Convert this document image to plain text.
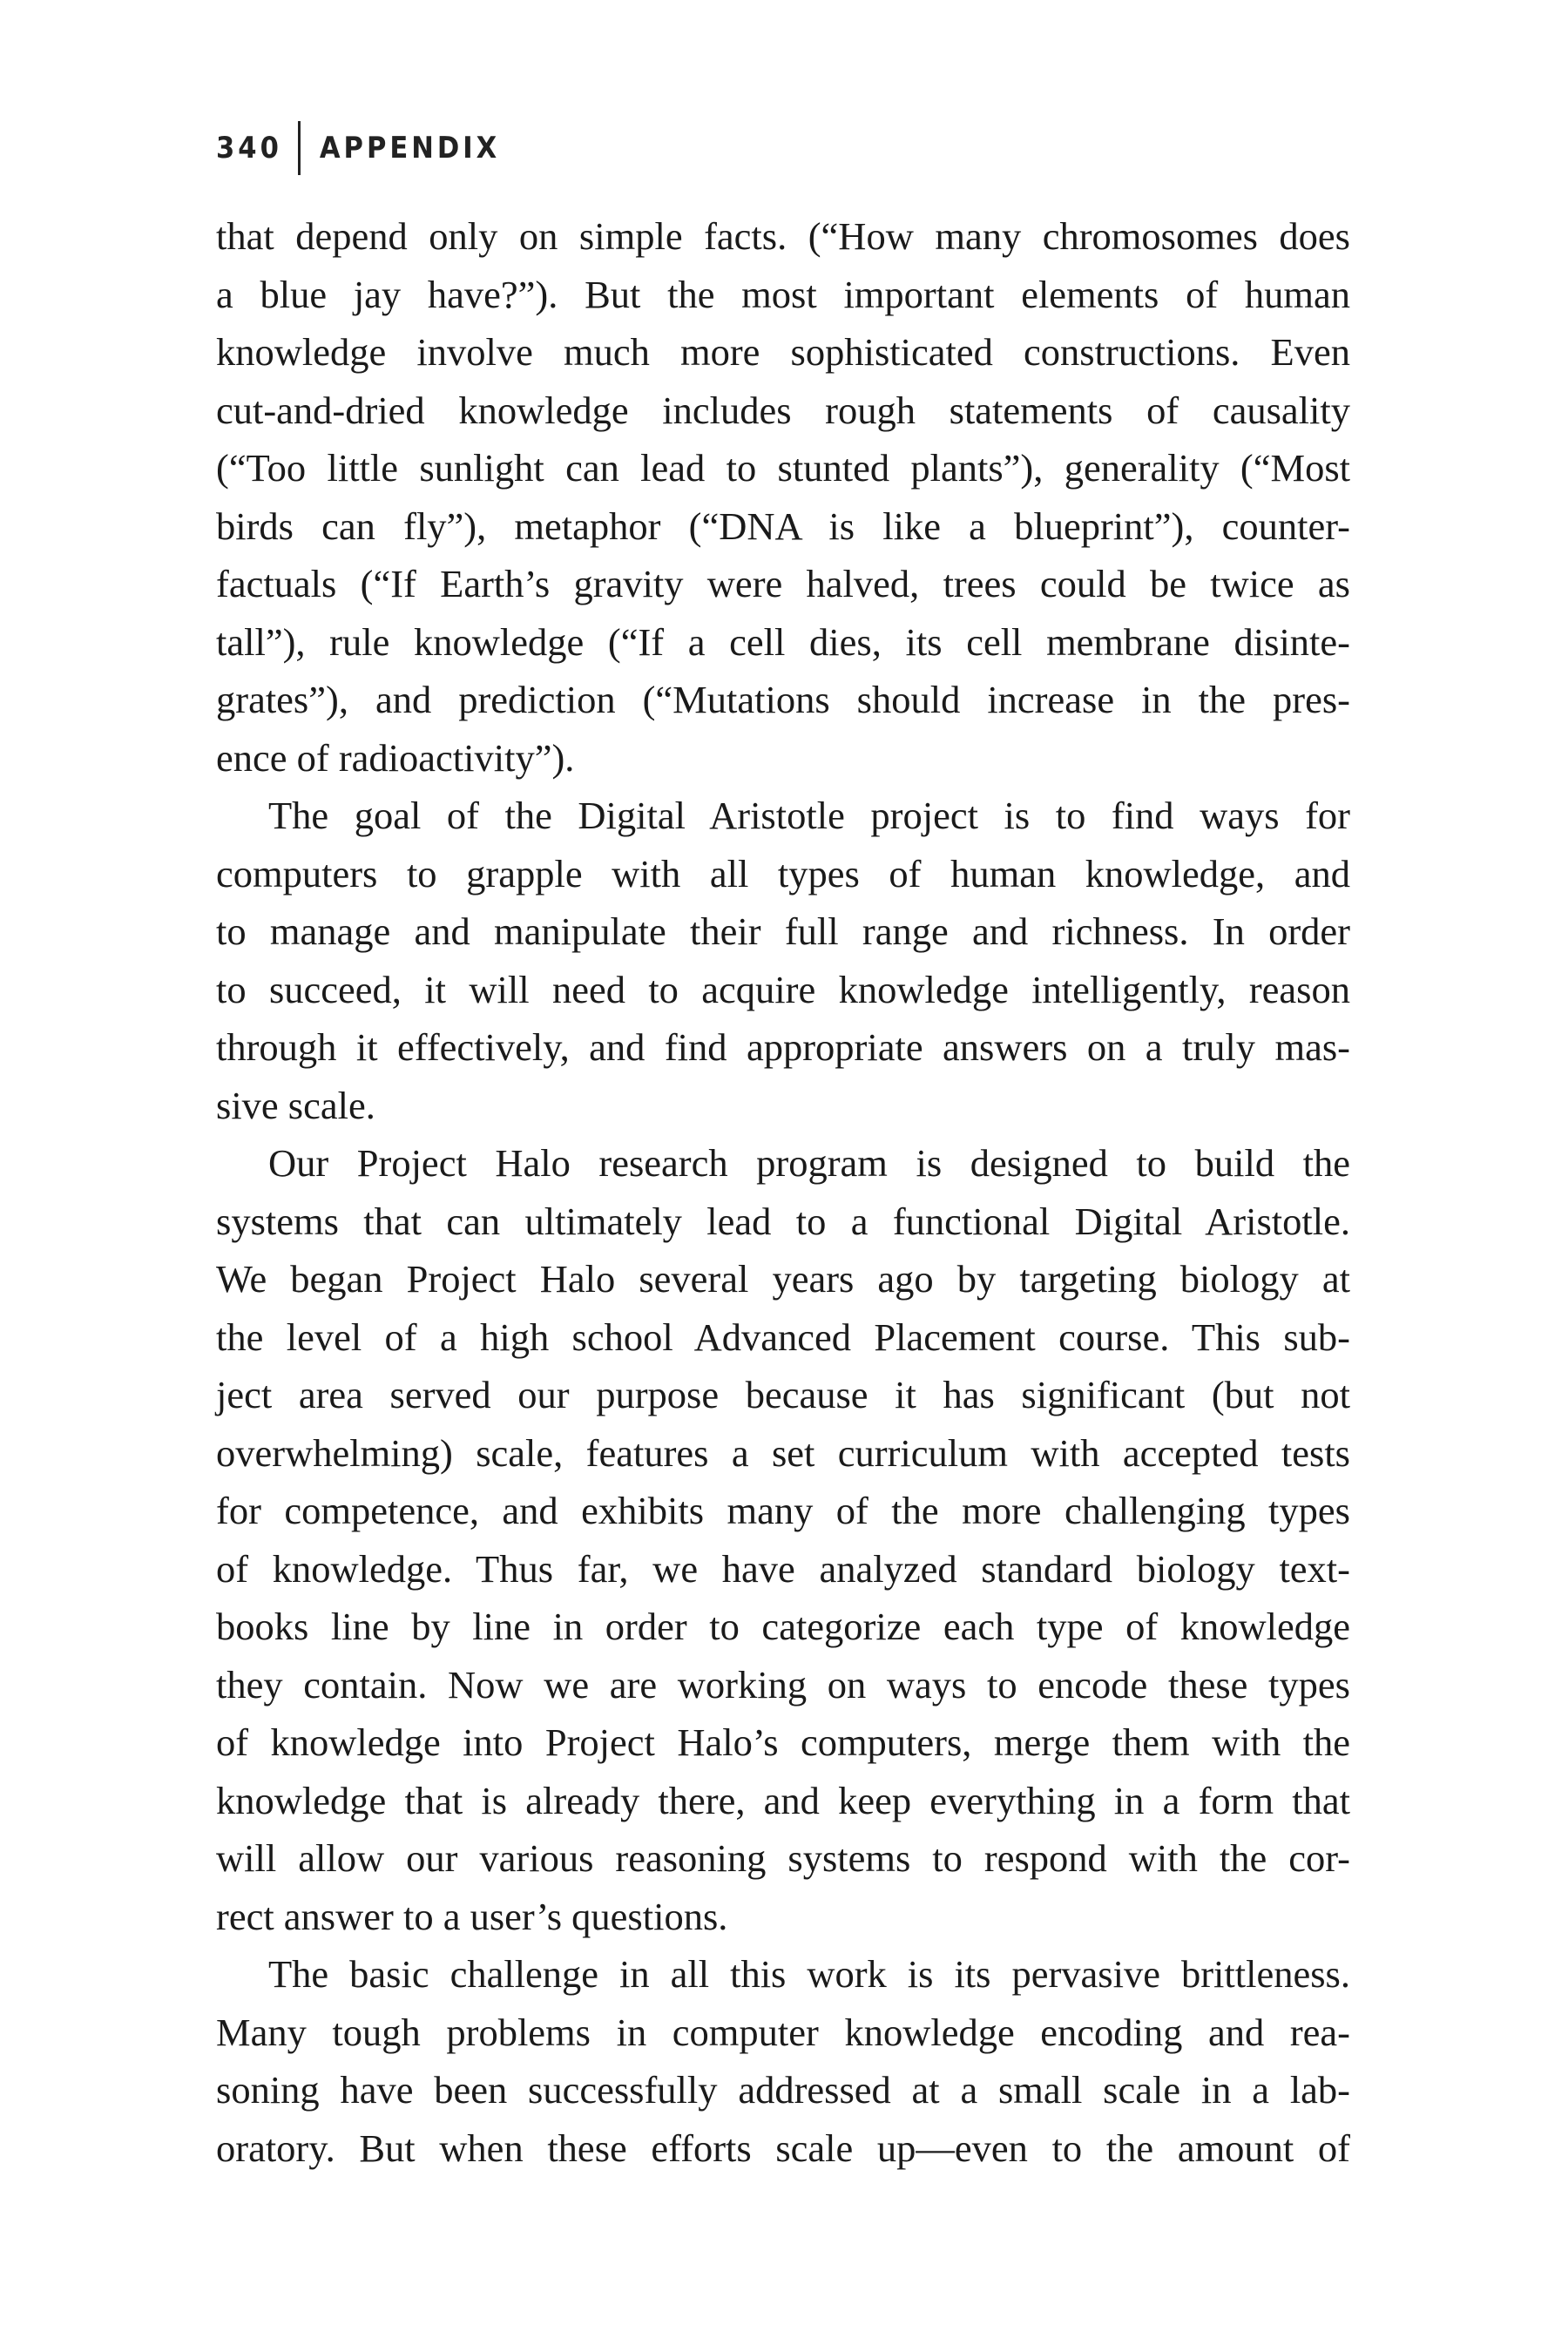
340 APPENDIX
that depend only on simple facts. (“How many chromosomes does
a blue jay have?”). But the most important elements of human
knowledge involve much more sophisticated constructions. Even
cut-and-dried knowledge includes rough statements of causality
(“Too little sunlight can lead to stunted plants”), generality (“Most
birds can fly”), metaphor (“DNA is like a blueprint”), counter-
factuals (“If Earth’s gravity were halved, trees could be twice as
tall”), rule knowledge (“If a cell dies, its cell membrane disinte-
grates”), and prediction (“Mutations should increase in the pres-
ence of radioactivity”).
The goal of the Digital Aristotle project is to find ways for
computers to grapple with all types of human knowledge, and
to manage and manipulate their full range and richness. In order
to succeed, it will need to acquire knowledge intelligently, reason
through it effectively, and find appropriate answers on a truly mas-
sive scale.
Our Project Halo research program is designed to build the
systems that can ultimately lead to a functional Digital Aristotle.
We began Project Halo several years ago by targeting biology at
the level of a high school Advanced Placement course. This sub-
ject area served our purpose because it has significant (but not
overwhelming) scale, features a set curriculum with accepted tests
for competence, and exhibits many of the more challenging types
of knowledge. Thus far, we have analyzed standard biology text-
books line by line in order to categorize each type of knowledge
they contain. Now we are working on ways to encode these types
of knowledge into Project Halo’s computers, merge them with the
knowledge that is already there, and keep everything in a form that
will allow our various reasoning systems to respond with the cor-
rect answer to a user’s questions.
The basic challenge in all this work is its pervasive brittleness.
Many tough problems in computer knowledge encoding and rea-
soning have been successfully addressed at a small scale in a lab-
oratory. But when these efforts scale up—even to the amount of
